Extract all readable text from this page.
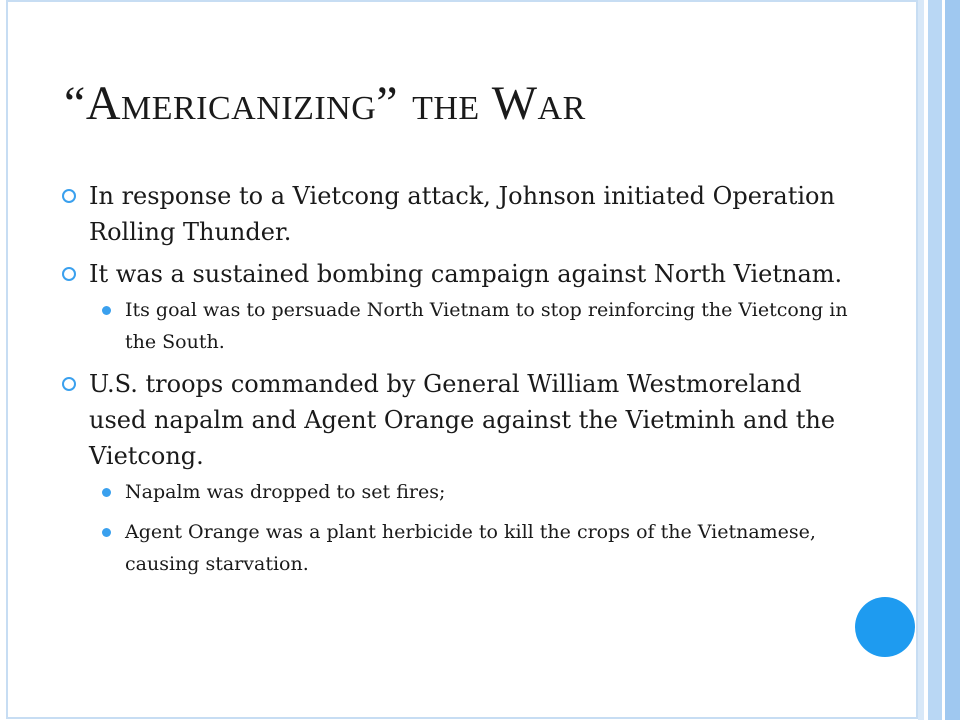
“AMERICANIZING” THE WAR

In response to a Vietcong attack, Johnson initiated Operation Rolling Thunder.

It was a sustained bombing campaign against North Vietnam.

Its goal was to persuade North Vietnam to stop reinforcing the Vietcong in the South.

U.S. troops commanded by General William Westmoreland used napalm and Agent Orange against the Vietminh and the Vietcong.

Napalm was dropped to set fires;
Agent Orange was a plant herbicide to kill the crops of the Vietnamese, causing starvation.
